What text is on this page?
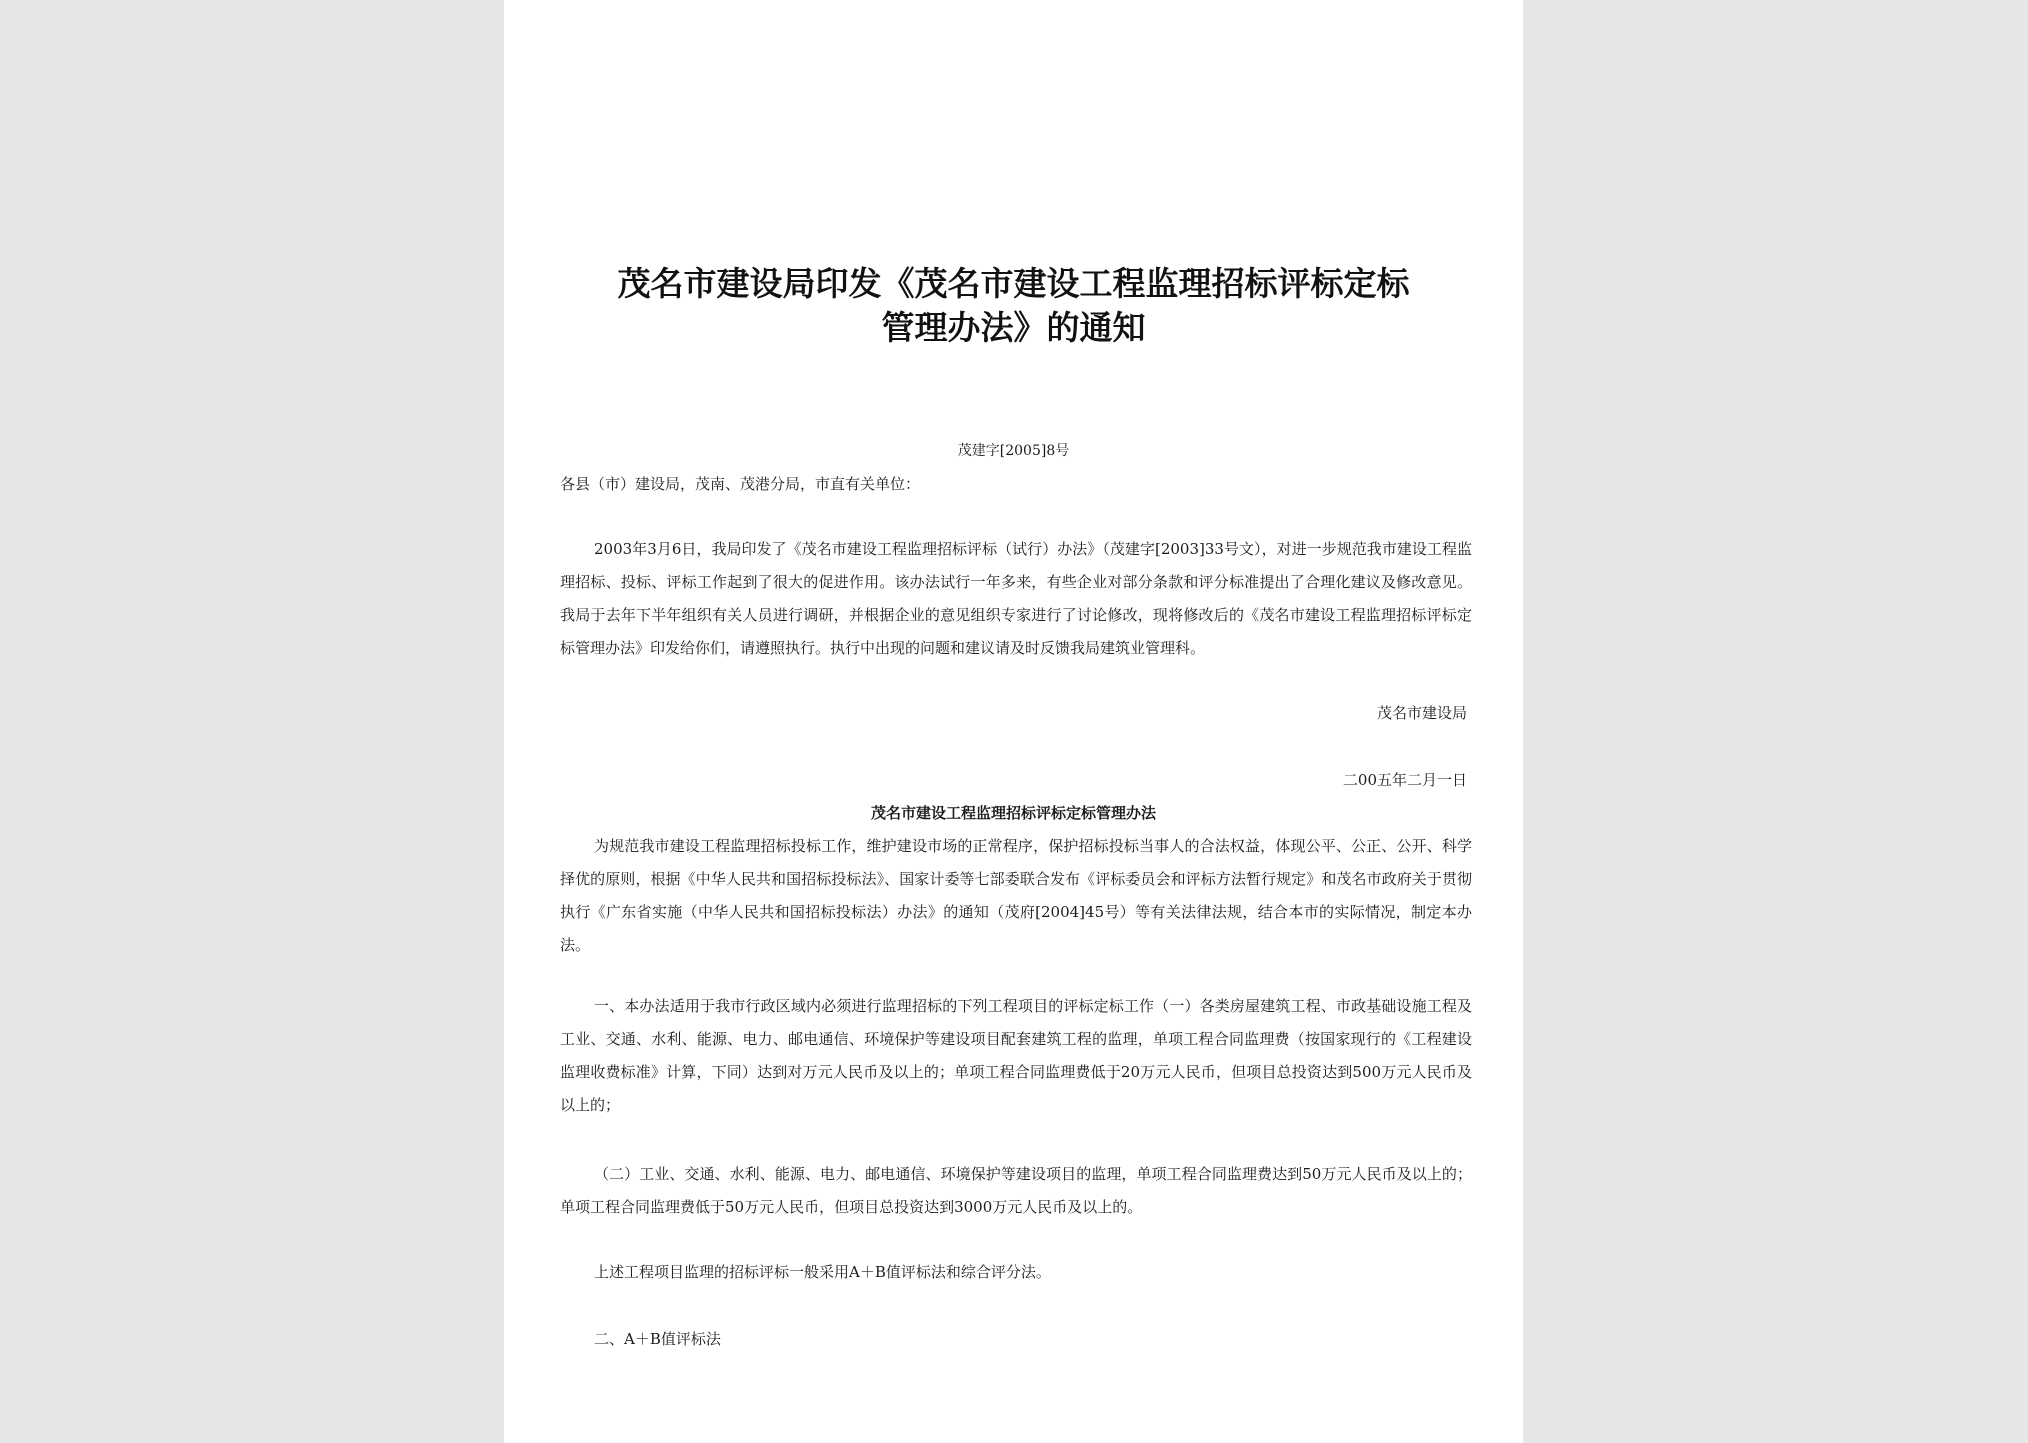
茂名市建设局印发《茂名市建设工程监理招标评标定标
管理办法》的通知
茂建字[2005]8号
各县（市）建设局，茂南、茂港分局，市直有关单位：
2003年3月6日，我局印发了《茂名市建设工程监理招标评标（试行）办法》（茂建字[2003]33号文），对进一步规范我市建设工程监理招标、投标、评标工作起到了很大的促进作用。该办法试行一年多来，有些企业对部分条款和评分标准提出了合理化建议及修改意见。我局于去年下半年组织有关人员进行调研，并根据企业的意见组织专家进行了讨论修改，现将修改后的《茂名市建设工程监理招标评标定标管理办法》印发给你们，请遵照执行。执行中出现的问题和建议请及时反馈我局建筑业管理科。
茂名市建设局
二00五年二月一日
茂名市建设工程监理招标评标定标管理办法
为规范我市建设工程监理招标投标工作，维护建设市场的正常程序，保护招标投标当事人的合法权益，体现公平、公正、公开、科学择优的原则，根据《中华人民共和国招标投标法》、国家计委等七部委联合发布《评标委员会和评标方法暂行规定》和茂名市政府关于贯彻执行《广东省实施（中华人民共和国招标投标法）办法》的通知（茂府[2004]45号）等有关法律法规，结合本市的实际情况，制定本办法。
一、本办法适用于我市行政区域内必须进行监理招标的下列工程项目的评标定标工作（一）各类房屋建筑工程、市政基础设施工程及工业、交通、水利、能源、电力、邮电通信、环境保护等建设项目配套建筑工程的监理，单项工程合同监理费（按国家现行的《工程建设监理收费标准》计算，下同）达到对万元人民币及以上的；单项工程合同监理费低于20万元人民币，但项目总投资达到500万元人民币及以上的；
（二）工业、交通、水利、能源、电力、邮电通信、环境保护等建设项目的监理，单项工程合同监理费达到50万元人民币及以上的；单项工程合同监理费低于50万元人民币，但项目总投资达到3000万元人民币及以上的。
上述工程项目监理的招标评标一般采用A＋B值评标法和综合评分法。
二、A＋B值评标法
